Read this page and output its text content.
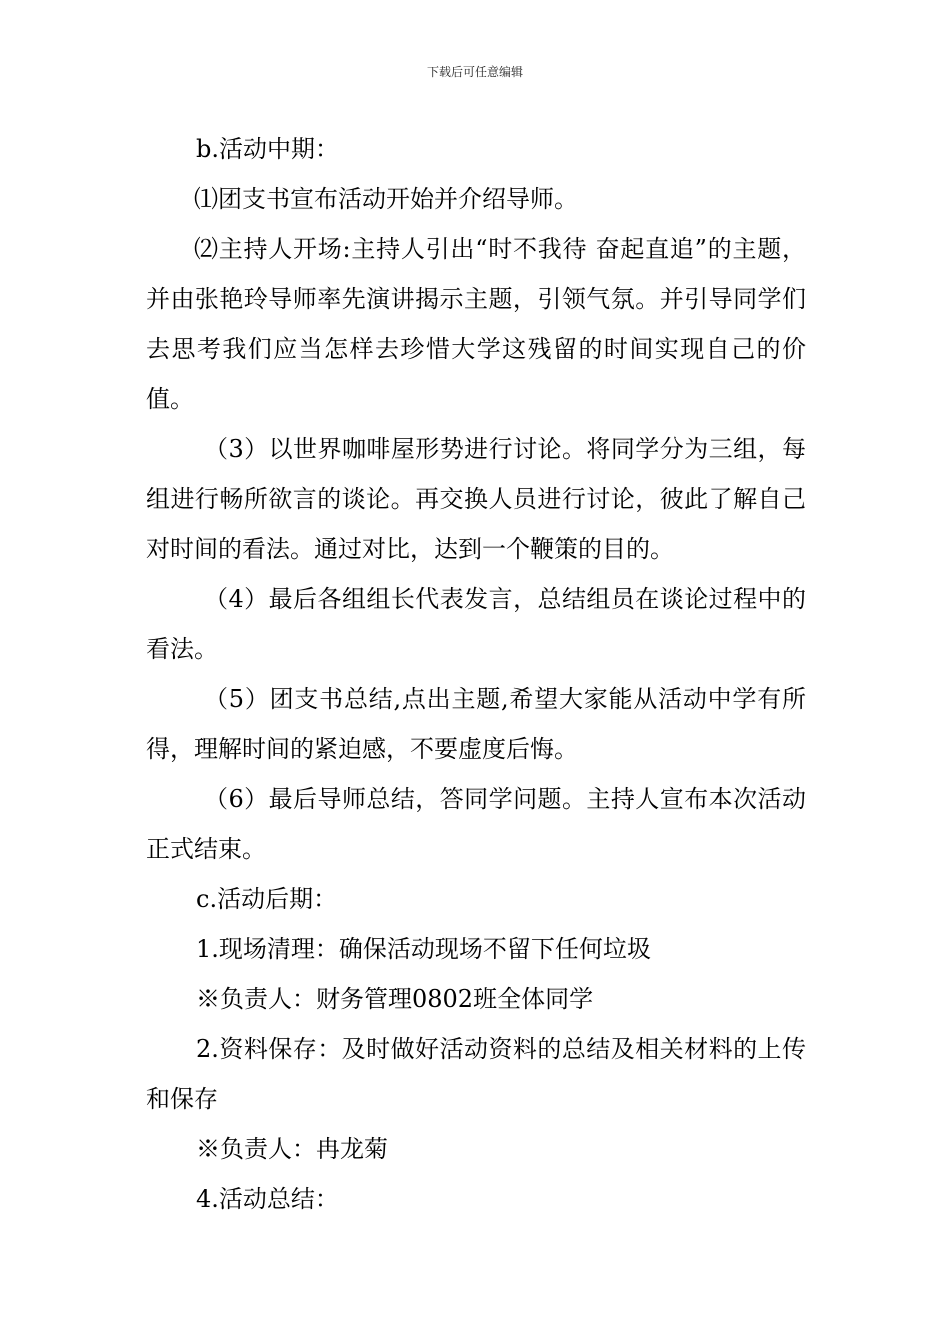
下载后可任意编辑

b.活动中期：

⑴团支书宣布活动开始并介绍导师。

⑵主持人开场:主持人引出“时不我待 奋起直追”的主题，并由张艳玲导师率先演讲揭示主题，引领气氛。并引导同学们去思考我们应当怎样去珍惜大学这残留的时间实现自己的价值。

（3）以世界咖啡屋形势进行讨论。将同学分为三组，每组进行畅所欲言的谈论。再交换人员进行讨论，彼此了解自己对时间的看法。通过对比，达到一个鞭策的目的。

（4）最后各组组长代表发言，总结组员在谈论过程中的看法。

（5）团支书总结,点出主题,希望大家能从活动中学有所得，理解时间的紧迫感，不要虚度后悔。

（6）最后导师总结，答同学问题。主持人宣布本次活动正式结束。

c.活动后期：

1.现场清理：确保活动现场不留下任何垃圾

※负责人：财务管理0802班全体同学

2.资料保存：及时做好活动资料的总结及相关材料的上传和保存

※负责人：冉龙菊

4.活动总结：
